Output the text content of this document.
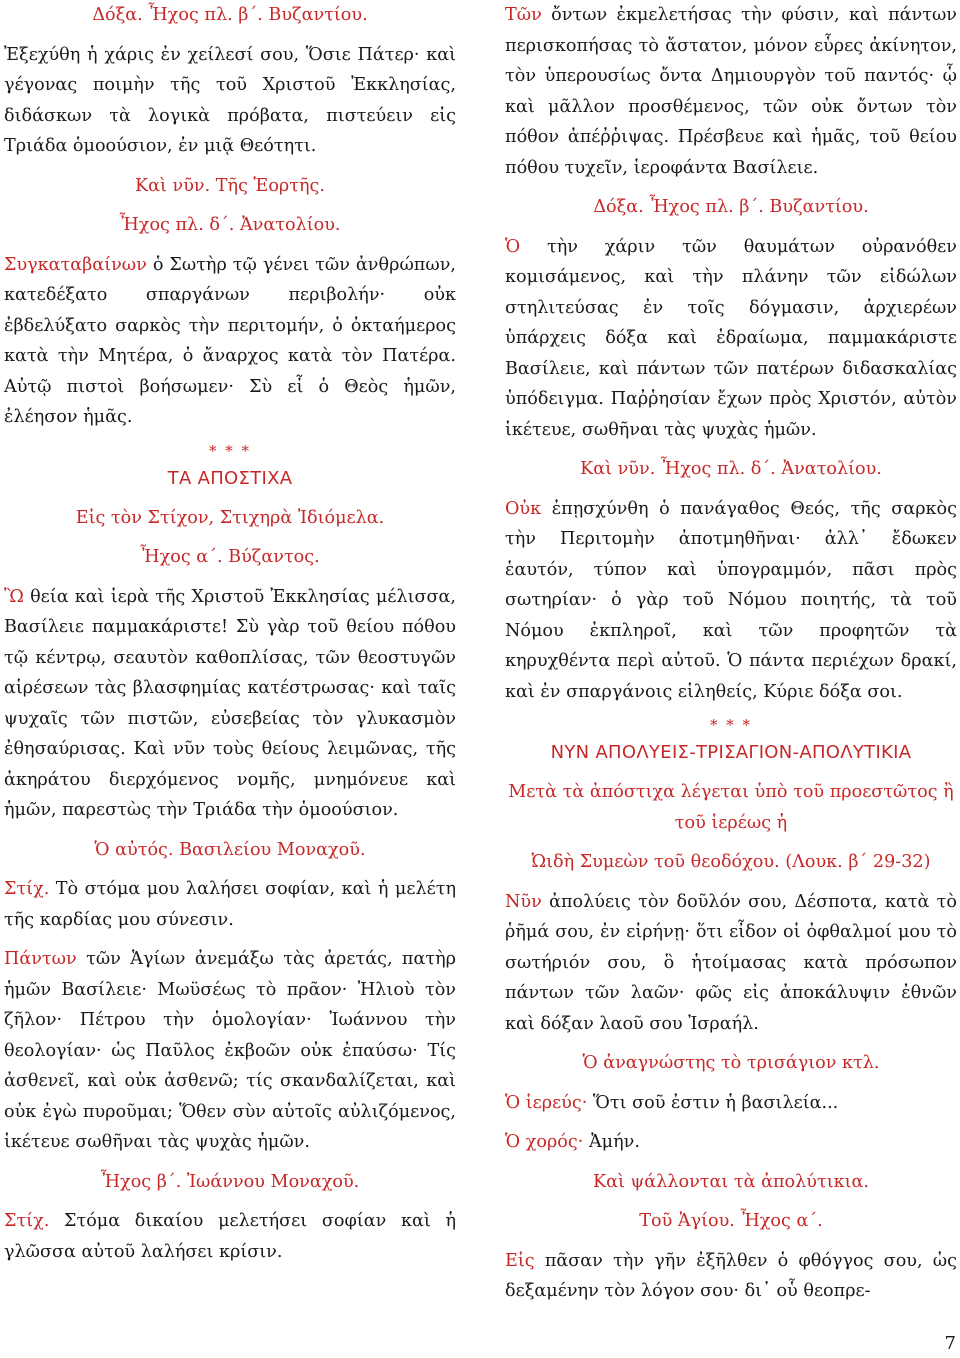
Δόξα. Ἦχος πλ. β´. Βυζαντίου.
Ἐξεχύθη ἡ χάρις ἐν χείλεσί σου, Ὅσιε Πάτερ· καὶ γέγονας ποιμὴν τῆς τοῦ Χριστοῦ Ἐκκλησίας, διδάσκων τὰ λογικὰ πρόβατα, πιστεύειν εἰς Τριάδα ὁμοούσιον, ἐν μιᾷ Θεότητι.
Καὶ νῦν. Τῆς Ἑορτῆς.
Ἦχος πλ. δ´. Ἀνατολίου.
Συγκαταβαίνων ὁ Σωτὴρ τῷ γένει τῶν ἀνθρώπων, κατεδέξατο σπαργάνων περιβολήν· οὐκ ἐβδελύξατο σαρκὸς τὴν περιτομήν, ὁ ὀκταήμερος κατὰ τὴν Μητέρα, ὁ ἄναρχος κατὰ τὸν Πατέρα. Αὐτῷ πιστοὶ βοήσωμεν· Σὺ εἶ ὁ Θεὸς ἡμῶν, ἐλέησον ἡμᾶς.
* * *
ΤΑ ΑΠΟΣΤΙΧΑ
Εἰς τὸν Στίχον, Στιχηρὰ Ἰδιόμελα.
Ἦχος α´. Βύζαντος.
Ὢ θεία καὶ ἱερὰ τῆς Χριστοῦ Ἐκκλησίας μέλισσα, Βασίλειε παμμακάριστε! Σὺ γὰρ τοῦ θείου πόθου τῷ κέντρῳ, σεαυτὸν καθοπλίσας, τῶν θεοστυγῶν αἱρέσεων τὰς βλασφημίας κατέστρωσας· καὶ ταῖς ψυχαῖς τῶν πιστῶν, εὐσεβείας τὸν γλυκασμὸν ἐθησαύρισας. Καὶ νῦν τοὺς θείους λειμῶνας, τῆς ἀκηράτου διερχόμενος νομῆς, μνημόνευε καὶ ἡμῶν, παρεστὼς τὴν Τριάδα τὴν ὁμοούσιον.
Ὁ αὐτός. Βασιλείου Μοναχοῦ.
Στίχ. Τὸ στόμα μου λαλήσει σοφίαν, καὶ ἡ μελέτη τῆς καρδίας μου σύνεσιν.
Πάντων τῶν Ἁγίων ἀνεμάξω τὰς ἀρετάς, πατὴρ ἡμῶν Βασίλειε· Μωϋσέως τὸ πρᾶον· Ἠλιοὺ τὸν ζῆλον· Πέτρου τὴν ὁμολογίαν· Ἰωάννου τὴν θεολογίαν· ὡς Παῦλος ἐκβοῶν οὐκ ἐπαύσω· Τίς ἀσθενεῖ, καὶ οὐκ ἀσθενῶ; τίς σκανδαλίζεται, καὶ οὐκ ἐγὼ πυροῦμαι; Ὅθεν σὺν αὐτοῖς αὐλιζόμενος, ἱκέτευε σωθῆναι τὰς ψυχὰς ἡμῶν.
Ἦχος β´. Ἰωάννου Μοναχοῦ.
Στίχ. Στόμα δικαίου μελετήσει σοφίαν καὶ ἡ γλῶσσα αὐτοῦ λαλήσει κρίσιν.
Τῶν ὄντων ἐκμελετήσας τὴν φύσιν, καὶ πάντων περισκοπήσας τὸ ἄστατον, μόνον εὗρες ἀκίνητον, τὸν ὑπερουσίως ὄντα Δημιουργὸν τοῦ παντός· ᾧ καὶ μᾶλλον προσθέμενος, τῶν οὐκ ὄντων τὸν πόθον ἀπέῤῥιψας. Πρέσβευε καὶ ἡμᾶς, τοῦ θείου πόθου τυχεῖν, ἱεροφάντα Βασίλειε.
Δόξα. Ἦχος πλ. β´. Βυζαντίου.
Ὁ τὴν χάριν τῶν θαυμάτων οὐρανόθεν κομισάμενος, καὶ τὴν πλάνην τῶν εἰδώλων στηλιτεύσας ἐν τοῖς δόγμασιν, ἀρχιερέων ὑπάρχεις δόξα καὶ ἑδραίωμα, παμμακάριστε Βασίλειε, καὶ πάντων τῶν πατέρων διδασκαλίας ὑπόδειγμα. Παῤῥησίαν ἔχων πρὸς Χριστόν, αὐτὸν ἱκέτευε, σωθῆναι τὰς ψυχὰς ἡμῶν.
Καὶ νῦν. Ἦχος πλ. δ´. Ἀνατολίου.
Οὐκ ἐπῃσχύνθη ὁ πανάγαθος Θεός, τῆς σαρκὸς τὴν Περιτομὴν ἀποτμηθῆναι· ἀλλ᾽ ἔδωκεν ἑαυτόν, τύπον καὶ ὑπογραμμόν, πᾶσι πρὸς σωτηρίαν· ὁ γὰρ τοῦ Νόμου ποιητής, τὰ τοῦ Νόμου ἐκπληροῖ, καὶ τῶν προφητῶν τὰ κηρυχθέντα περὶ αὐτοῦ. Ὁ πάντα περιέχων δρακί, καὶ ἐν σπαργάνοις εἱληθείς, Κύριε δόξα σοι.
* * *
ΝΥΝ ΑΠΟΛΥΕΙΣ-ΤΡΙΣΑΓΙΟΝ-ΑΠΟΛΥΤΙΚΙΑ
Μετὰ τὰ ἀπόστιχα λέγεται ὑπὸ τοῦ προεστῶτος ἢ τοῦ ἱερέως ἡ
Ὠιδὴ Συμεὼν τοῦ θεοδόχου. (Λουκ. β´ 29-32)
Νῦν ἀπολύεις τὸν δοῦλόν σου, Δέσποτα, κατὰ τὸ ῥῆμά σου, ἐν εἰρήνῃ· ὅτι εἶδον οἱ ὀφθαλμοί μου τὸ σωτήριόν σου, ὃ ἡτοίμασας κατὰ πρόσωπον πάντων τῶν λαῶν· φῶς εἰς ἀποκάλυψιν ἐθνῶν καὶ δόξαν λαοῦ σου Ἰσραήλ.
Ὁ ἀναγνώστης τὸ τρισάγιον κτλ.
Ὁ ἱερεύς· Ὅτι σοῦ ἐστιν ἡ βασιλεία...
Ὁ χορός· Ἀμήν.
Καὶ ψάλλονται τὰ ἀπολύτικια.
Τοῦ Ἁγίου. Ἦχος α´.
Εἰς πᾶσαν τὴν γῆν ἐξῆλθεν ὁ φθόγγος σου, ὡς δεξαμένην τὸν λόγον σου· δι᾽ οὗ θεοπρε-
7
